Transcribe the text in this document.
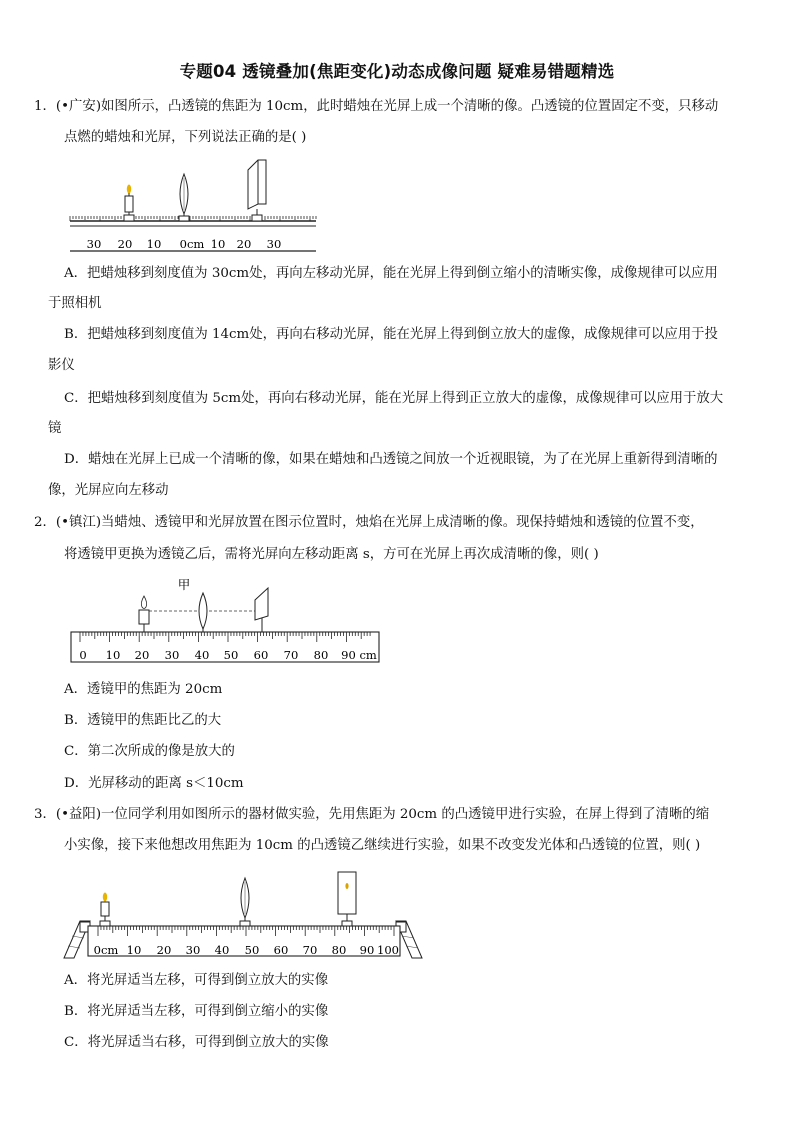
专题04 透镜叠加(焦距变化)动态成像问题 疑难易错题精选
1．(•广安)如图所示，凸透镜的焦距为 10cm，此时蜡烛在光屏上成一个清晰的像。凸透镜的位置固定不变，只移动
点燃的蜡烛和光屏，下列说法正确的是( )
30 20 10 0cm 10 20 30
A．把蜡烛移到刻度值为 30cm处，再向左移动光屏，能在光屏上得到倒立缩小的清晰实像，成像规律可以应用
于照相机
B．把蜡烛移到刻度值为 14cm处，再向右移动光屏，能在光屏上得到倒立放大的虚像，成像规律可以应用于投
影仪
C．把蜡烛移到刻度值为 5cm处，再向右移动光屏，能在光屏上得到正立放大的虚像，成像规律可以应用于放大
镜
D．蜡烛在光屏上已成一个清晰的像，如果在蜡烛和凸透镜之间放一个近视眼镜，为了在光屏上重新得到清晰的
像，光屏应向左移动
2．(•镇江)当蜡烛、透镜甲和光屏放置在图示位置时，烛焰在光屏上成清晰的像。现保持蜡烛和透镜的位置不变，
将透镜甲更换为透镜乙后，需将光屏向左移动距离 s，方可在光屏上再次成清晰的像，则( )
甲
0 10 20 30 40 50 60 70 80 90 cm
A．透镜甲的焦距为 20cm
B．透镜甲的焦距比乙的大
C．第二次所成的像是放大的
D．光屏移动的距离 s＜10cm
3．(•益阳)一位同学利用如图所示的器材做实验，先用焦距为 20cm 的凸透镜甲进行实验，在屏上得到了清晰的缩
小实像，接下来他想改用焦距为 10cm 的凸透镜乙继续进行实验，如果不改变发光体和凸透镜的位置，则( )
0cm 10 20 30 40 50 60 70 80 90 100
A．将光屏适当左移，可得到倒立放大的实像
B．将光屏适当左移，可得到倒立缩小的实像
C．将光屏适当右移，可得到倒立放大的实像
